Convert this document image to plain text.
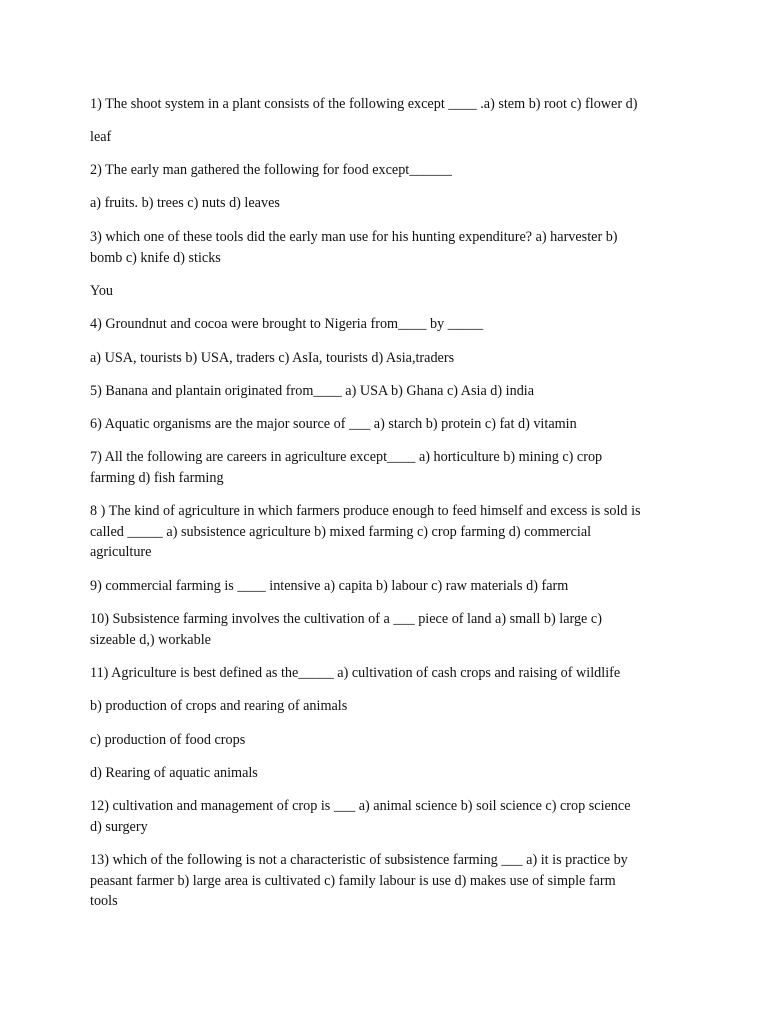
1) The shoot system in a plant consists of the following except ____ .a) stem b) root c) flower d)

leaf

2) The early man gathered the following for food except______

a) fruits. b) trees c) nuts d) leaves

3) which one of these tools did the early man use for his hunting expenditure? a) harvester b)
bomb c) knife d) sticks

You

4) Groundnut and cocoa were brought to Nigeria from____ by _____

a) USA, tourists b) USA, traders c) AsIa, tourists d) Asia,traders

5) Banana and plantain originated from____ a) USA b) Ghana c) Asia d) india

6) Aquatic organisms are the major source of ___ a) starch b) protein c) fat d) vitamin

7) All the following are careers in agriculture except____ a) horticulture b) mining c) crop
farming d) fish farming

8 ) The kind of agriculture in which farmers produce enough to feed himself and excess is sold is
called _____ a) subsistence agriculture b) mixed farming c) crop farming d) commercial
agriculture

9) commercial farming is ____ intensive a) capita b) labour c) raw materials d) farm

10) Subsistence farming involves the cultivation of a ___ piece of land a) small b) large c)
sizeable d,) workable

11) Agriculture is best defined as the_____ a) cultivation of cash crops and raising of wildlife

b) production of crops and rearing of animals

c) production of food crops

d) Rearing of aquatic animals

12) cultivation and management of crop is ___ a) animal science b) soil science c) crop science
d) surgery

13) which of the following is not a characteristic of subsistence farming ___ a) it is practice by
peasant farmer b) large area is cultivated c) family labour is use d) makes use of simple farm
tools
